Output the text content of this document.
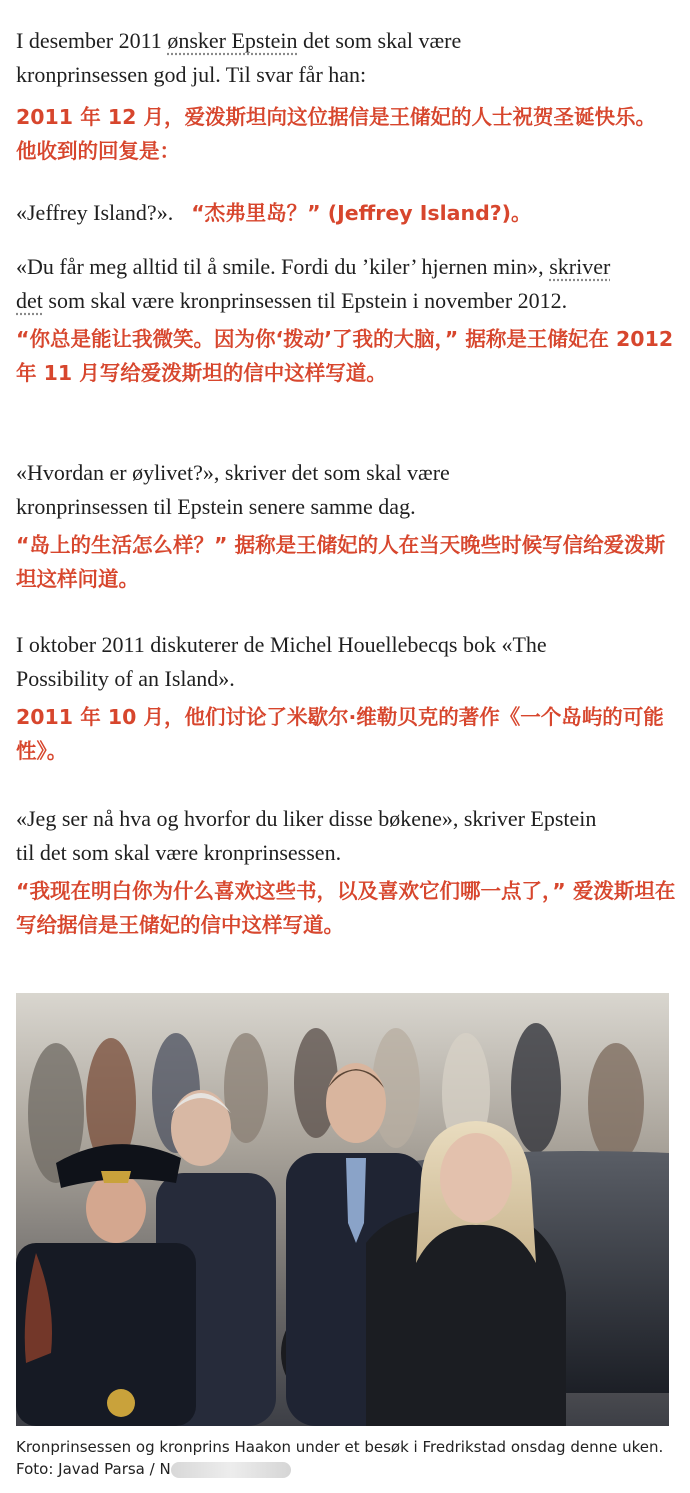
I desember 2011 ønsker Epstein det som skal være kronprinsessen god jul. Til svar får han:

2011 年 12 月，爱泼斯坦向这位据信是王储妃的人士祝贺圣诞快乐。他收到的回复是：

«Jeffrey Island?». “杰弗里岛？” (Jeffrey Island?)。

«Du får meg alltid til å smile. Fordi du ’kiler’ hjernen min», skriver det som skal være kronprinsessen til Epstein i november 2012.

“你总是能让我微笑。因为你‘拨动’了我的大脑，” 据称是王储妃在 2012 年 11 月写给爱泼斯坦的信中这样写道。

«Hvordan er øylivet?», skriver det som skal være kronprinsessen til Epstein senere samme dag.

“岛上的生活怎么样？” 据称是王储妃的人在当天晚些时候写信给爱泼斯坦这样问道。

I oktober 2011 diskuterer de Michel Houellebecqs bok «The Possibility of an Island».

2011 年 10 月，他们讨论了米歇尔·维勒贝克的著作《一个岛屿的可能性》。

«Jeg ser nå hva og hvorfor du liker disse bøkene», skriver Epstein til det som skal være kronprinsessen.

“我现在明白你为什么喜欢这些书，以及喜欢它们哪一点了，” 爱泼斯坦在写给据信是王储妃的信中这样写道。

Kronprinsessen og kronprins Haakon under et besøk i Fredrikstad onsdag denne uken. Foto: Javad Parsa / N
